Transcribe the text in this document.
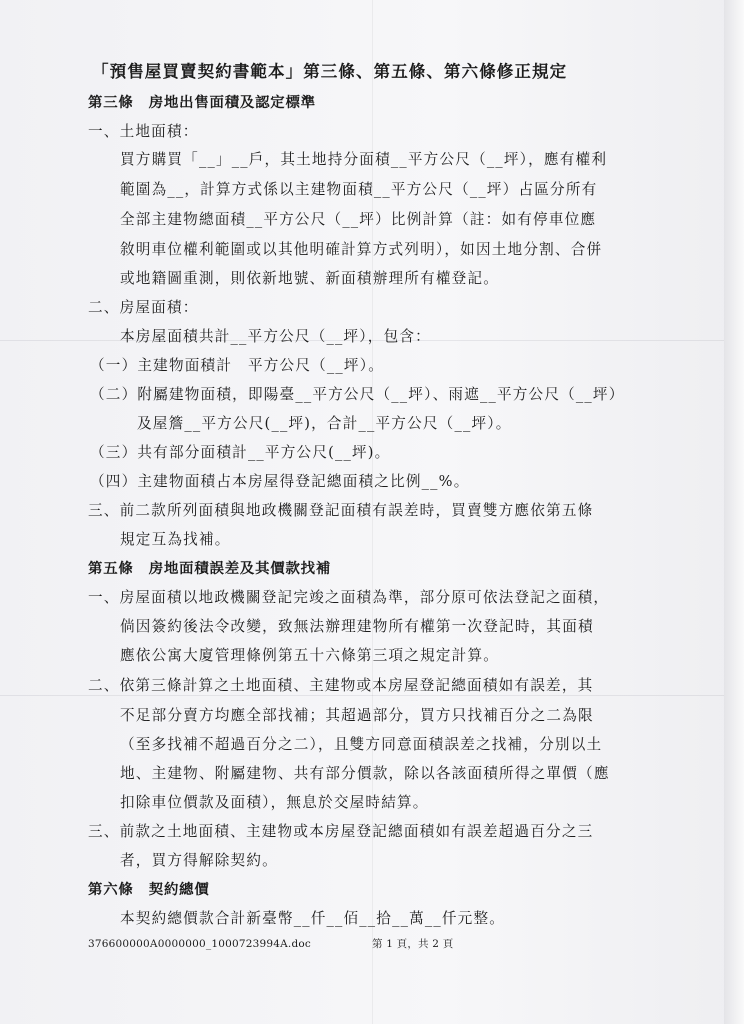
「預售屋買賣契約書範本」第三條、第五條、第六條修正規定
第三條　房地出售面積及認定標準
一、土地面積：
買方購買「__」__戶，其土地持分面積__平方公尺（__坪），應有權利
範圍為__，計算方式係以主建物面積__平方公尺（__坪）占區分所有
全部主建物總面積__平方公尺（__坪）比例計算（註：如有停車位應
敘明車位權利範圍或以其他明確計算方式列明），如因土地分割、合併
或地籍圖重測，則依新地號、新面積辦理所有權登記。
二、房屋面積：
本房屋面積共計__平方公尺（__坪），包含：
（一）主建物面積計　平方公尺（__坪）。
（二）附屬建物面積，即陽臺__平方公尺（__坪）、雨遮__平方公尺（__坪）
及屋簷__平方公尺(__坪)，合計__平方公尺（__坪）。
（三）共有部分面積計__平方公尺(__坪)。
（四）主建物面積占本房屋得登記總面積之比例__%。
三、前二款所列面積與地政機關登記面積有誤差時，買賣雙方應依第五條
規定互為找補。
第五條　房地面積誤差及其價款找補
一、房屋面積以地政機關登記完竣之面積為準，部分原可依法登記之面積，
倘因簽約後法令改變，致無法辦理建物所有權第一次登記時，其面積
應依公寓大廈管理條例第五十六條第三項之規定計算。
二、依第三條計算之土地面積、主建物或本房屋登記總面積如有誤差，其
不足部分賣方均應全部找補；其超過部分，買方只找補百分之二為限
（至多找補不超過百分之二），且雙方同意面積誤差之找補，分別以土
地、主建物、附屬建物、共有部分價款，除以各該面積所得之單價（應
扣除車位價款及面積），無息於交屋時結算。
三、前款之土地面積、主建物或本房屋登記總面積如有誤差超過百分之三
者，買方得解除契約。
第六條　契約總價
本契約總價款合計新臺幣__仟__佰__拾__萬__仟元整。
376600000A0000000_1000723994A.doc	第 1 頁，共 2 頁
